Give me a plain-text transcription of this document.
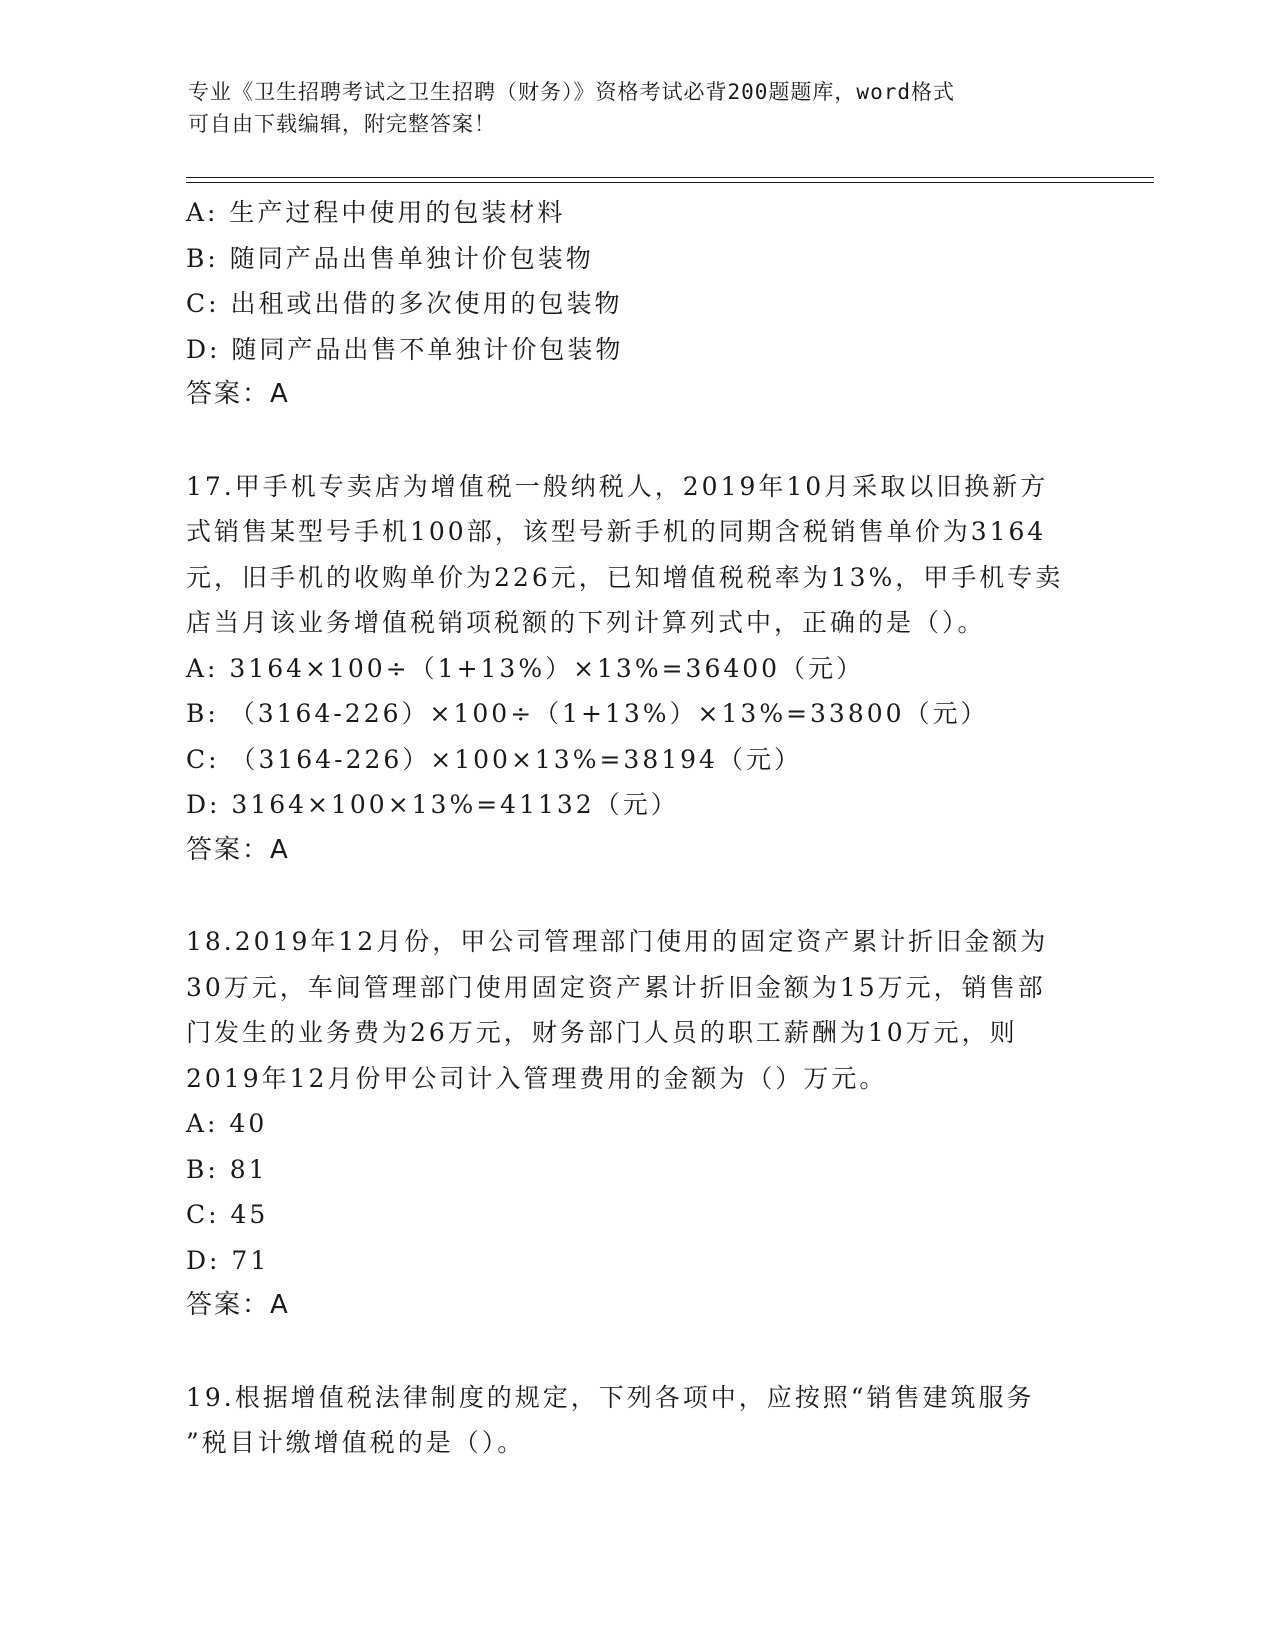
专业《卫生招聘考试之卫生招聘（财务）》资格考试必背200题题库，word格式
可自由下载编辑，附完整答案！

A: 生产过程中使用的包装材料

B: 随同产品出售单独计价包装物

C: 出租或出借的多次使用的包装物

D: 随同产品出售不单独计价包装物

答案：A

17.甲手机专卖店为增值税一般纳税人，2019年10月采取以旧换新方

式销售某型号手机100部，该型号新手机的同期含税销售单价为3164

元，旧手机的收购单价为226元，已知增值税税率为13%，甲手机专卖

店当月该业务增值税销项税额的下列计算列式中，正确的是（）。

A: 3164×100÷（1+13%）×13%=36400（元）

B: （3164-226）×100÷（1+13%）×13%=33800（元）

C: （3164-226）×100×13%=38194（元）

D: 3164×100×13%=41132（元）

答案：A

18.2019年12月份，甲公司管理部门使用的固定资产累计折旧金额为

30万元，车间管理部门使用固定资产累计折旧金额为15万元，销售部

门发生的业务费为26万元，财务部门人员的职工薪酬为10万元，则

2019年12月份甲公司计入管理费用的金额为（）万元。

A: 40

B: 81

C: 45

D: 71

答案：A

19.根据增值税法律制度的规定，下列各项中，应按照“销售建筑服务

”税目计缴增值税的是（）。
